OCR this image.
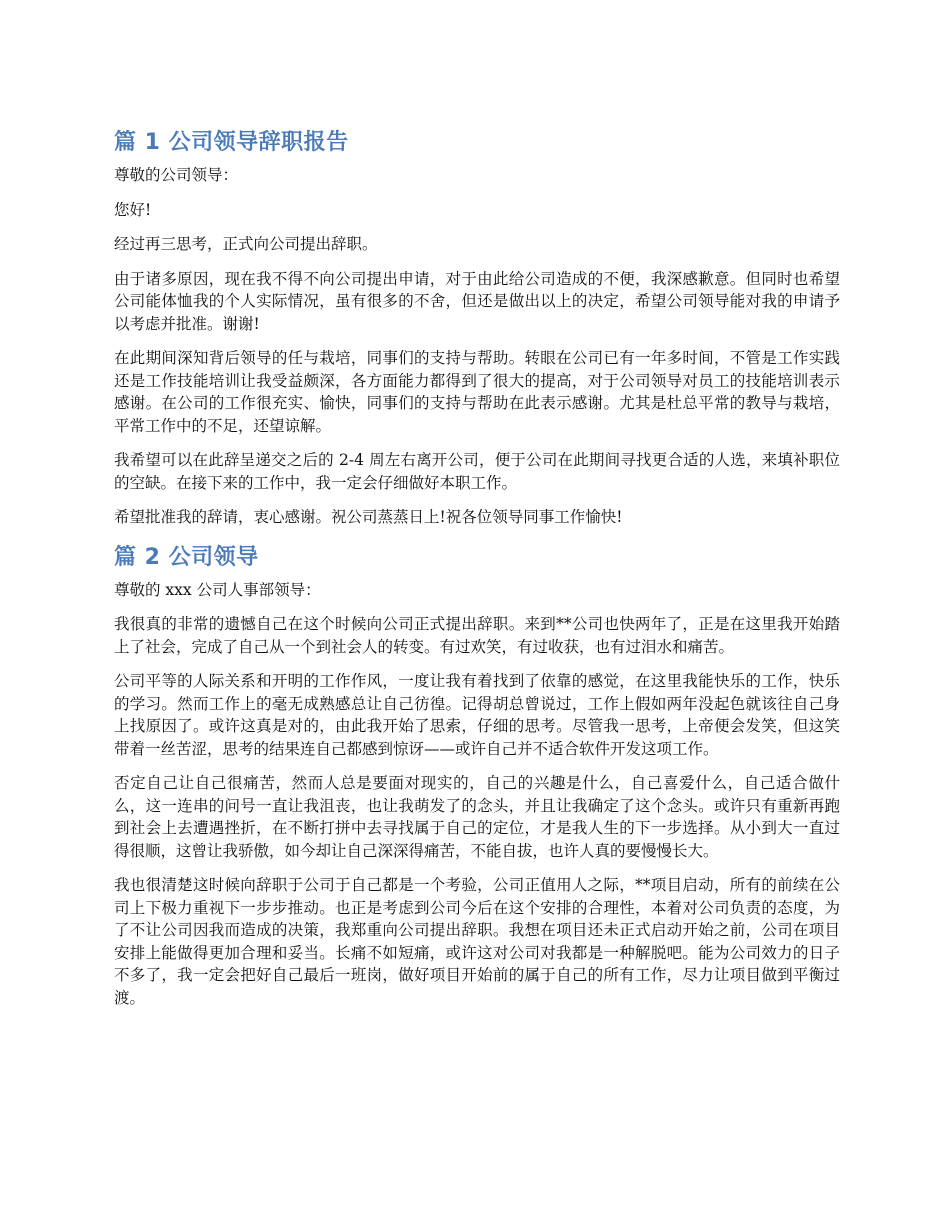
篇 1 公司领导辞职报告

尊敬的公司领导：

您好!

经过再三思考，正式向公司提出辞职。

由于诸多原因，现在我不得不向公司提出申请，对于由此给公司造成的不便，我深感歉意。但同时也希望公司能体恤我的个人实际情况，虽有很多的不舍，但还是做出以上的决定，希望公司领导能对我的申请予以考虑并批准。谢谢!

在此期间深知背后领导的任与栽培，同事们的支持与帮助。转眼在公司已有一年多时间，不管是工作实践还是工作技能培训让我受益颇深，各方面能力都得到了很大的提高，对于公司领导对员工的技能培训表示感谢。在公司的工作很充实、愉快，同事们的支持与帮助在此表示感谢。尤其是杜总平常的教导与栽培，平常工作中的不足，还望谅解。

我希望可以在此辞呈递交之后的 2-4 周左右离开公司，便于公司在此期间寻找更合适的人选，来填补职位的空缺。在接下来的工作中，我一定会仔细做好本职工作。

希望批准我的辞请，衷心感谢。祝公司蒸蒸日上!祝各位领导同事工作愉快!

篇 2 公司领导

尊敬的 xxx 公司人事部领导：

我很真的非常的遗憾自己在这个时候向公司正式提出辞职。来到**公司也快两年了，正是在这里我开始踏上了社会，完成了自己从一个到社会人的转变。有过欢笑，有过收获，也有过泪水和痛苦。

公司平等的人际关系和开明的工作作风，一度让我有着找到了依靠的感觉，在这里我能快乐的工作，快乐的学习。然而工作上的毫无成熟感总让自己彷徨。记得胡总曾说过，工作上假如两年没起色就该往自己身上找原因了。或许这真是对的，由此我开始了思索，仔细的思考。尽管我一思考，上帝便会发笑，但这笑带着一丝苦涩，思考的结果连自己都感到惊讶——或许自己并不适合软件开发这项工作。

否定自己让自己很痛苦，然而人总是要面对现实的，自己的兴趣是什么，自己喜爱什么，自己适合做什么，这一连串的问号一直让我沮丧，也让我萌发了的念头，并且让我确定了这个念头。或许只有重新再跑到社会上去遭遇挫折，在不断打拼中去寻找属于自己的定位，才是我人生的下一步选择。从小到大一直过得很顺，这曾让我骄傲，如今却让自己深深得痛苦，不能自拔，也许人真的要慢慢长大。

我也很清楚这时候向辞职于公司于自己都是一个考验，公司正值用人之际，**项目启动，所有的前续在公司上下极力重视下一步步推动。也正是考虑到公司今后在这个安排的合理性，本着对公司负责的态度，为了不让公司因我而造成的决策，我郑重向公司提出辞职。我想在项目还未正式启动开始之前，公司在项目安排上能做得更加合理和妥当。长痛不如短痛，或许这对公司对我都是一种解脱吧。能为公司效力的日子不多了，我一定会把好自己最后一班岗，做好项目开始前的属于自己的所有工作，尽力让项目做到平衡过渡。
